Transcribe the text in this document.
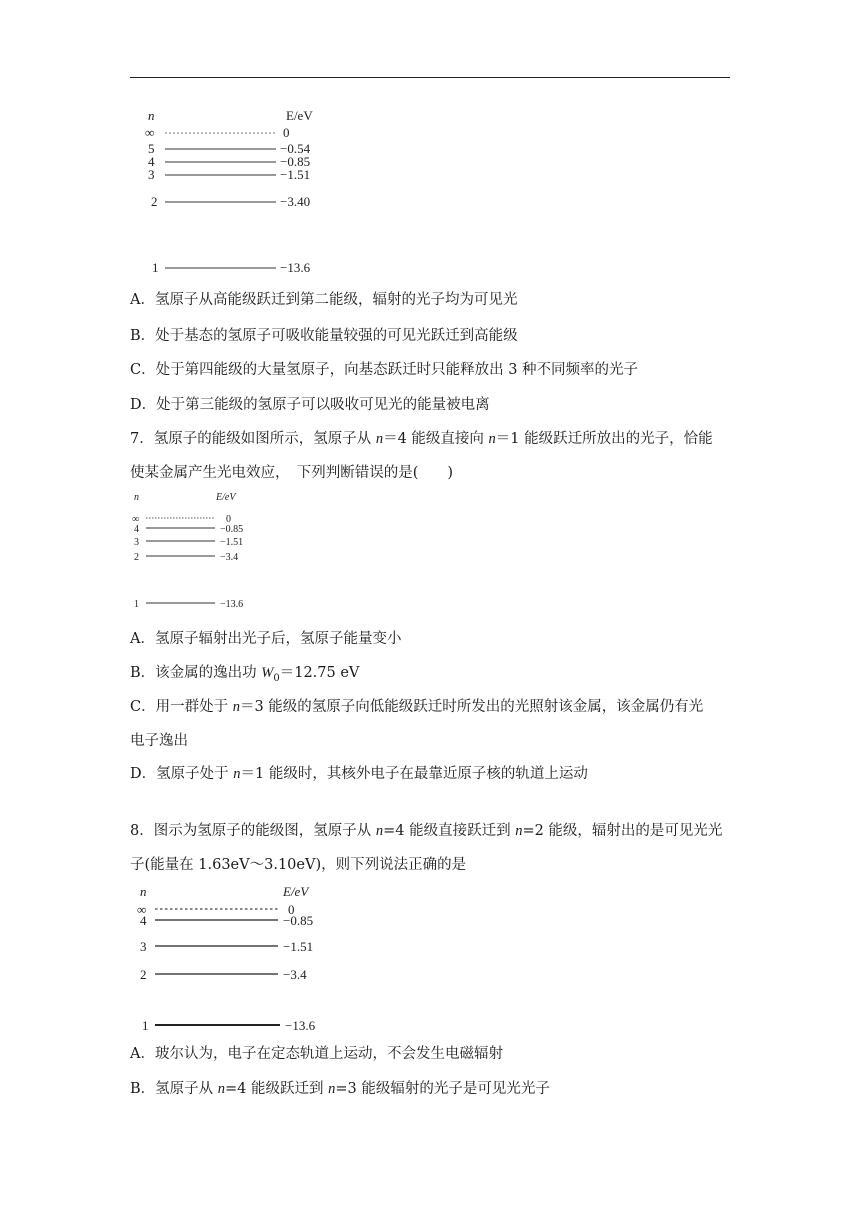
n	E/eV
∞	0
5	−0.54
4	−0.85
3	−1.51
2	−3.40
1	−13.6
A．氢原子从高能级跃迁到第二能级，辐射的光子均为可见光
B．处于基态的氢原子可吸收能量较强的可见光跃迁到高能级
C．处于第四能级的大量氢原子，向基态跃迁时只能释放出 3 种不同频率的光子
D．处于第三能级的氢原子可以吸收可见光的能量被电离
7．氢原子的能级如图所示，氢原子从 n＝4 能级直接向 n＝1 能级跃迁所放出的光子，恰能
使某金属产生光电效应，　下列判断错误的是(　　)
n	E/eV
∞	0
4	−0.85
3	−1.51
2	−3.4
1	−13.6
A．氢原子辐射出光子后，氢原子能量变小
B．该金属的逸出功 $W_0=12.75$ eV
C．用一群处于 n＝3 能级的氢原子向低能级跃迁时所发出的光照射该金属，该金属仍有光
电子逸出
D．氢原子处于 n＝1 能级时，其核外电子在最靠近原子核的轨道上运动
8．图示为氢原子的能级图，氢原子从 n=4 能级直接跃迁到 n=2 能级，辐射出的是可见光光
子(能量在 1.63eV～3.10eV)，则下列说法正确的是
n	E/eV
∞	0
4	−0.85
3	−1.51
2	−3.4
1	−13.6
A．玻尔认为，电子在定态轨道上运动，不会发生电磁辐射
B．氢原子从 n=4 能级跃迁到 n=3 能级辐射的光子是可见光光子
